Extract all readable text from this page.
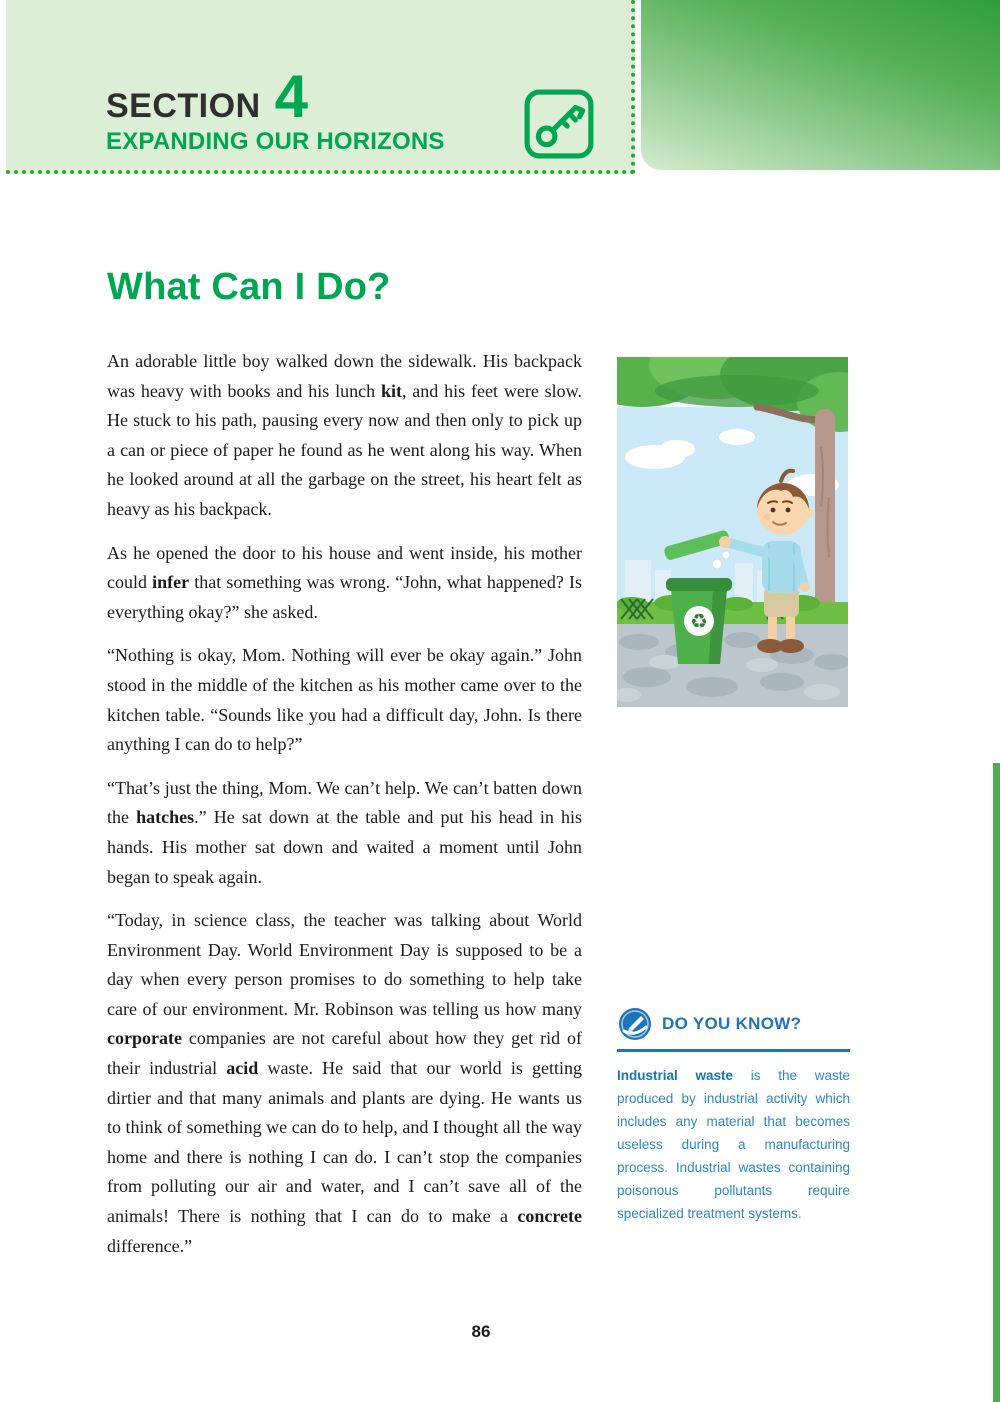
SECTION 4
EXPANDING OUR HORIZONS
What Can I Do?

An adorable little boy walked down the sidewalk. His backpack was heavy with books and his lunch kit, and his feet were slow. He stuck to his path, pausing every now and then only to pick up a can or piece of paper he found as he went along his way. When he looked around at all the garbage on the street, his heart felt as heavy as his backpack.

As he opened the door to his house and went inside, his mother could infer that something was wrong. “John, what happened? Is everything okay?” she asked.

“Nothing is okay, Mom. Nothing will ever be okay again.” John stood in the middle of the kitchen as his mother came over to the kitchen table. “Sounds like you had a difficult day, John. Is there anything I can do to help?”

“That’s just the thing, Mom. We can’t help. We can’t batten down the hatches.” He sat down at the table and put his head in his hands. His mother sat down and waited a moment until John began to speak again.

“Today, in science class, the teacher was talking about World Environment Day. World Environment Day is supposed to be a day when every person promises to do something to help take care of our environment. Mr. Robinson was telling us how many corporate companies are not careful about how they get rid of their industrial acid waste. He said that our world is getting dirtier and that many animals and plants are dying. He wants us to think of something we can do to help, and I thought all the way home and there is nothing I can do. I can’t stop the companies from polluting our air and water, and I can’t save all of the animals! There is nothing that I can do to make a concrete difference.”

♻
DO YOU KNOW?

Industrial waste is the waste produced by industrial activity which includes any material that becomes useless during a manufacturing process. Industrial wastes containing poisonous pollutants require specialized treatment systems.

86
